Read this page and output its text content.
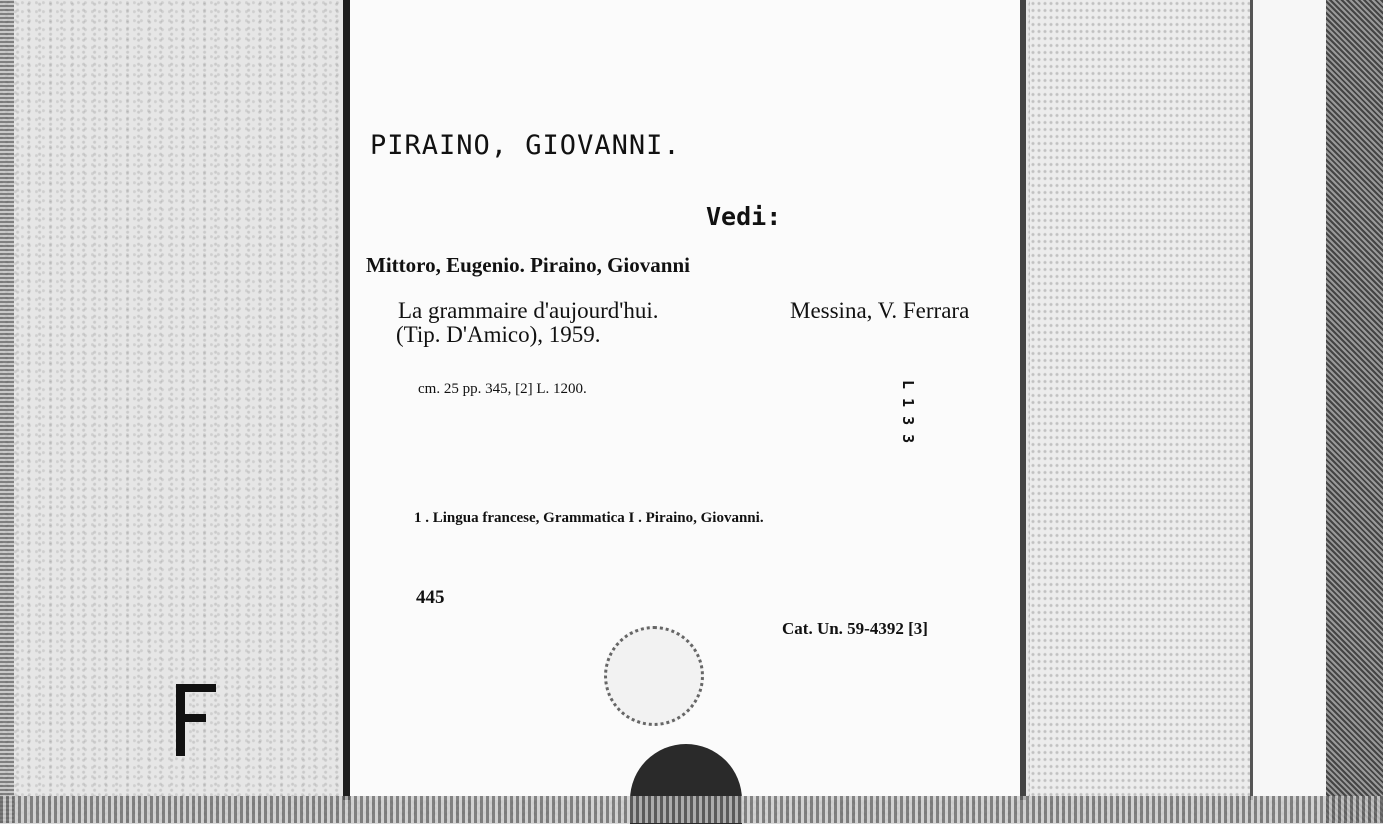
PIRAINO, GIOVANNI.
Vedi:
Mittoro, Eugenio. Piraino, Giovanni
La grammaire d'aujourd'hui.	Messina, V. Ferrara
(Tip. D'Amico), 1959.
cm. 25 pp. 345, [2] L. 1200.	L 1 3 3
1 . Lingua francese, Grammatica I . Piraino, Giovanni.
445
Cat. Un. 59-4392 [3]
